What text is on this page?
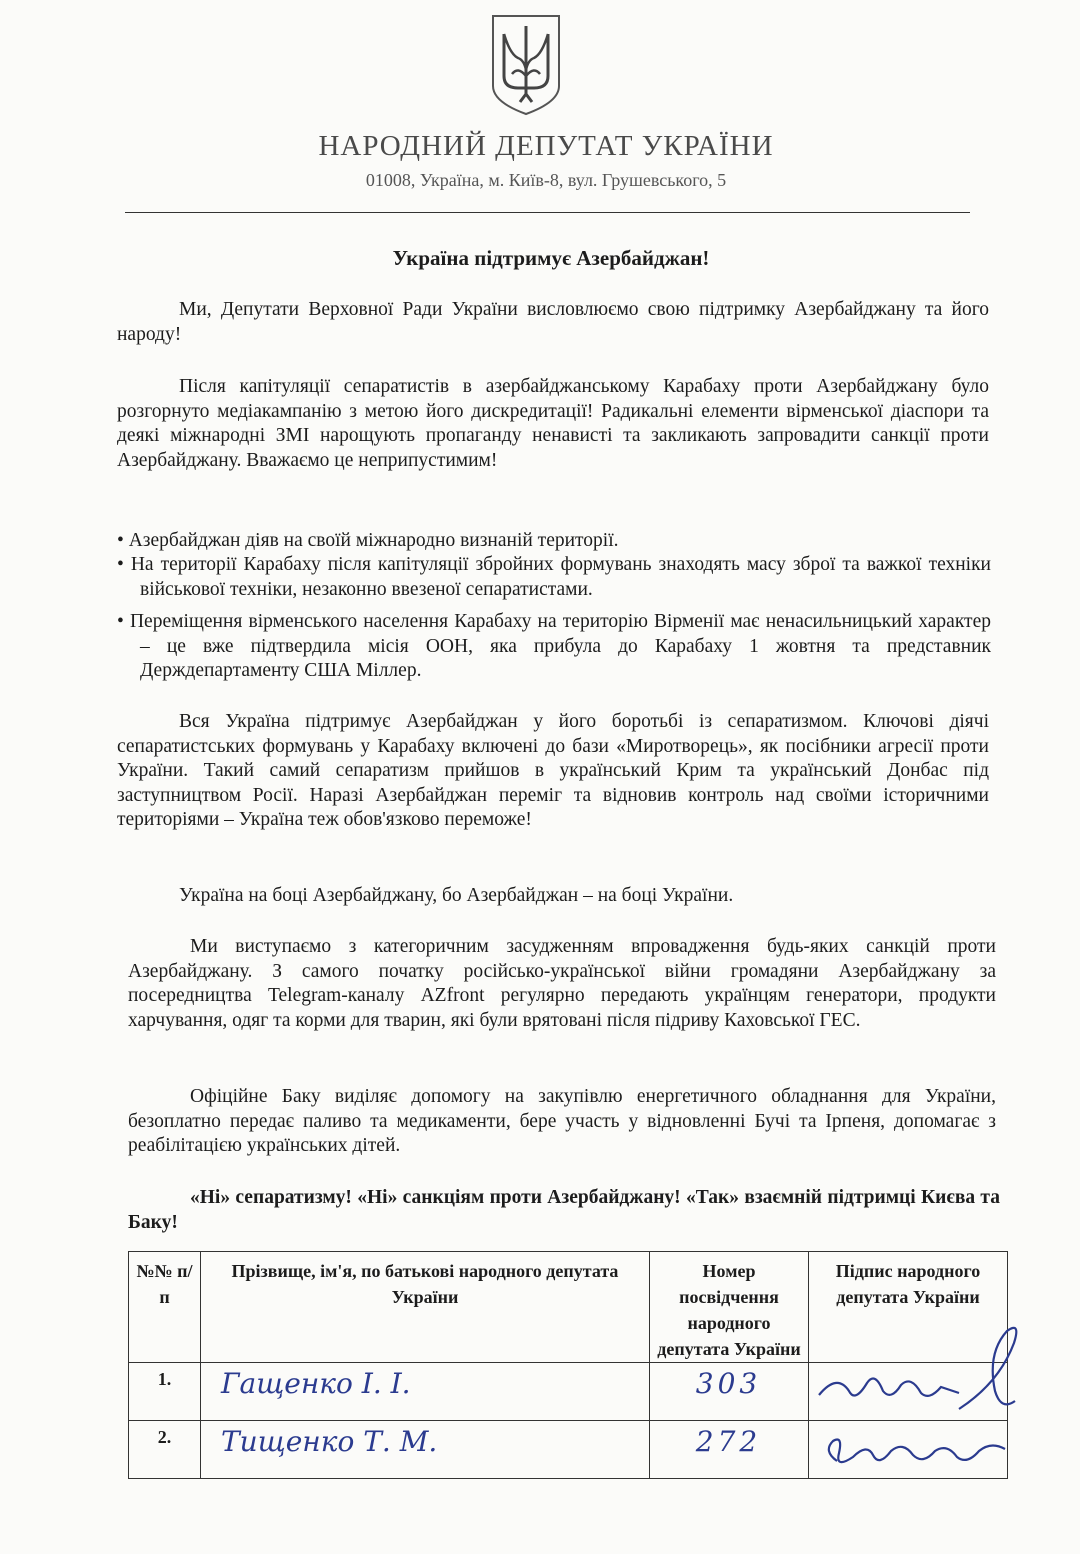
НАРОДНИЙ ДЕПУТАТ УКРАЇНИ
01008, Україна, м. Київ-8, вул. Грушевського, 5
Україна підтримує Азербайджан!
Ми, Депутати Верховної Ради України висловлюємо свою підтримку Азербайджану та його народу!
Після капітуляції сепаратистів в азербайджанському Карабаху проти Азербайджану було розгорнуто медіакампанію з метою його дискредитації! Радикальні елементи вірменської діаспори та деякі міжнародні ЗМІ нарощують пропаганду ненависті та закликають запровадити санкції проти Азербайджану. Вважаємо це неприпустимим!
• Азербайджан діяв на своїй міжнародно визнаній території.
• На території Карабаху після капітуляції збройних формувань знаходять масу зброї та важкої техніки військової техніки, незаконно ввезеної сепаратистами.
• Переміщення вірменського населення Карабаху на територію Вірменії має ненасильницький характер – це вже підтвердила місія ООН, яка прибула до Карабаху 1 жовтня та представник Держдепартаменту США Міллер.
Вся Україна підтримує Азербайджан у його боротьбі із сепаратизмом. Ключові діячі сепаратистських формувань у Карабаху включені до бази «Миротворець», як посібники агресії проти України. Такий самий сепаратизм прийшов в український Крим та український Донбас під заступництвом Росії. Наразі Азербайджан переміг та відновив контроль над своїми історичними територіями – Україна теж обов'язково переможе!
Україна на боці Азербайджану, бо Азербайджан – на боці України.
Ми виступаємо з категоричним засудженням впровадження будь-яких санкцій проти Азербайджану. З самого початку російсько-української війни громадяни Азербайджану за посередництва Telegram-каналу AZfront регулярно передають українцям генератори, продукти харчування, одяг та корми для тварин, які були врятовані після підриву Каховської ГЕС.
Офіційне Баку виділяє допомогу на закупівлю енергетичного обладнання для України, безоплатно передає паливо та медикаменти, бере участь у відновленні Бучі та Ірпеня, допомагає з реабілітацією українських дітей.
«Ні» сепаратизму! «Ні» санкціям проти Азербайджану! «Так» взаємній підтримці Києва та Баку!
№№ п/п	Прізвище, ім'я, по батькові народного депутата України	Номер посвідчення народного депутата України	Підпис народного депутата України
1.	Гащенко І. І.	303	

2.	Тищенко Т. М.	272	
